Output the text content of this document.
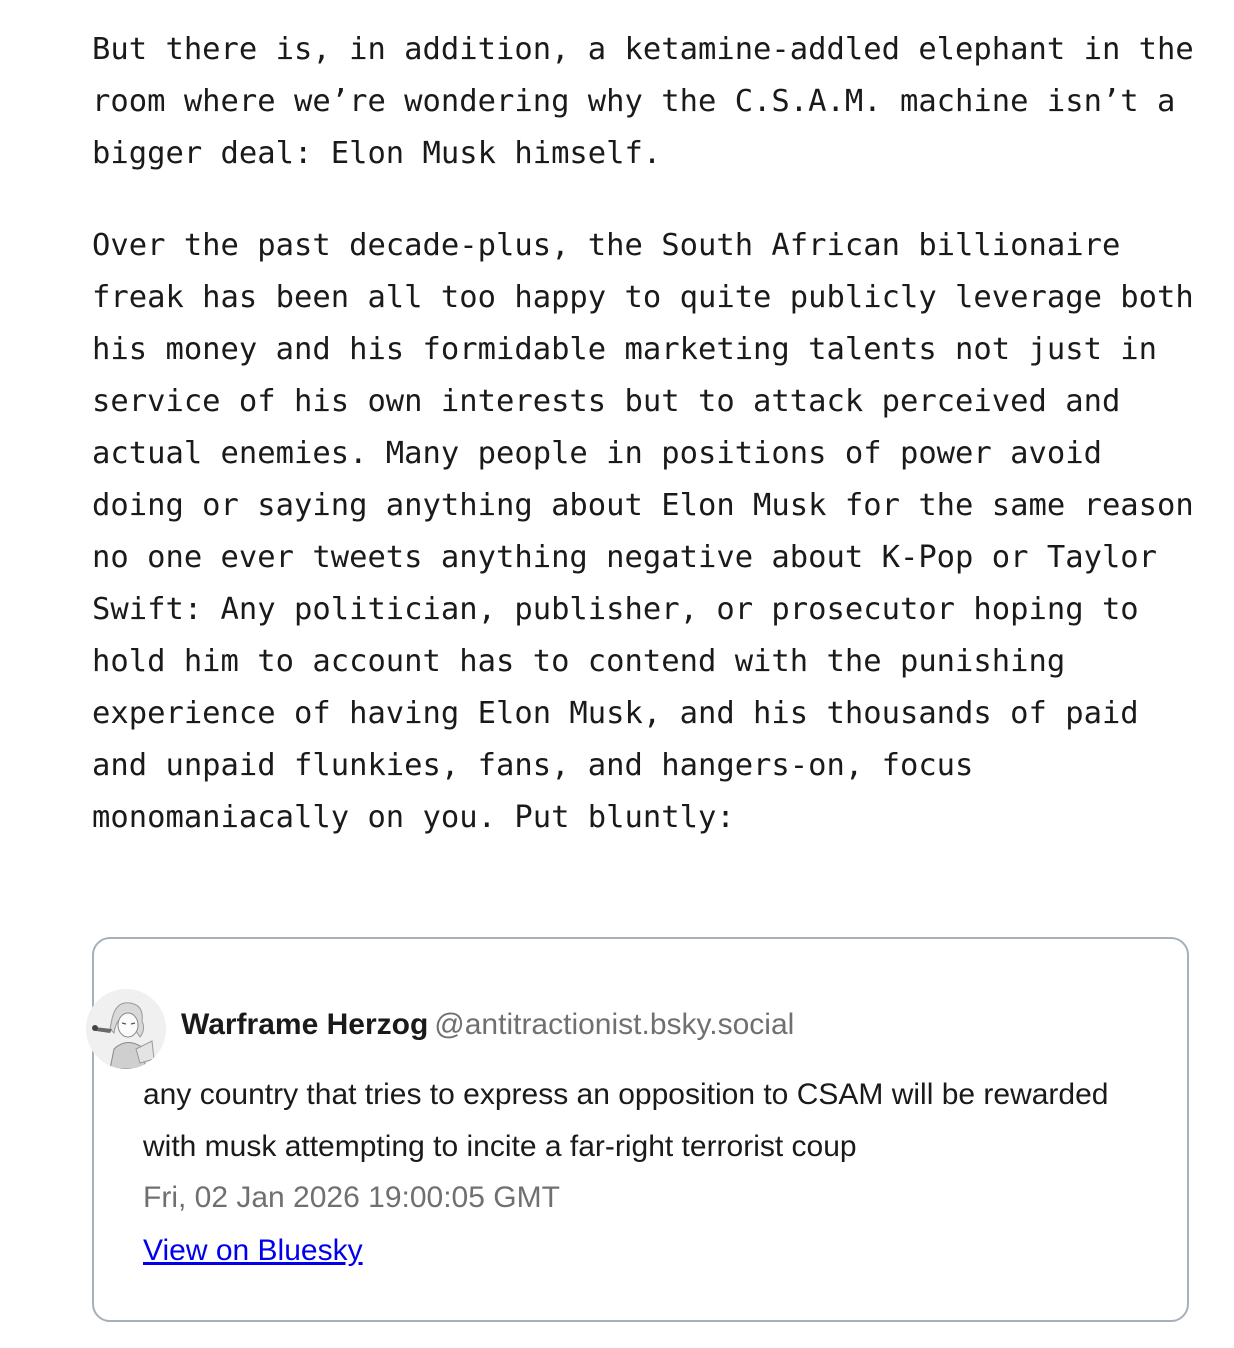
But there is, in addition, a ketamine-addled elephant in the room where we’re wondering why the C.S.A.M. machine isn’t a bigger deal: Elon Musk himself.

Over the past decade-plus, the South African billionaire freak has been all too happy to quite publicly leverage both his money and his formidable marketing talents not just in service of his own interests but to attack perceived and actual enemies. Many people in positions of power avoid doing or saying anything about Elon Musk for the same reason no one ever tweets anything negative about K-Pop or Taylor Swift: Any politician, publisher, or prosecutor hoping to hold him to account has to contend with the punishing experience of having Elon Musk, and his thousands of paid and unpaid flunkies, fans, and hangers-on, focus monomaniacally on you. Put bluntly:

Warframe Herzog @antitractionist.bsky.social

any country that tries to express an opposition to CSAM will be rewarded with musk attempting to incite a far-right terrorist coup

Fri, 02 Jan 2026 19:00:05 GMT
View on Bluesky
